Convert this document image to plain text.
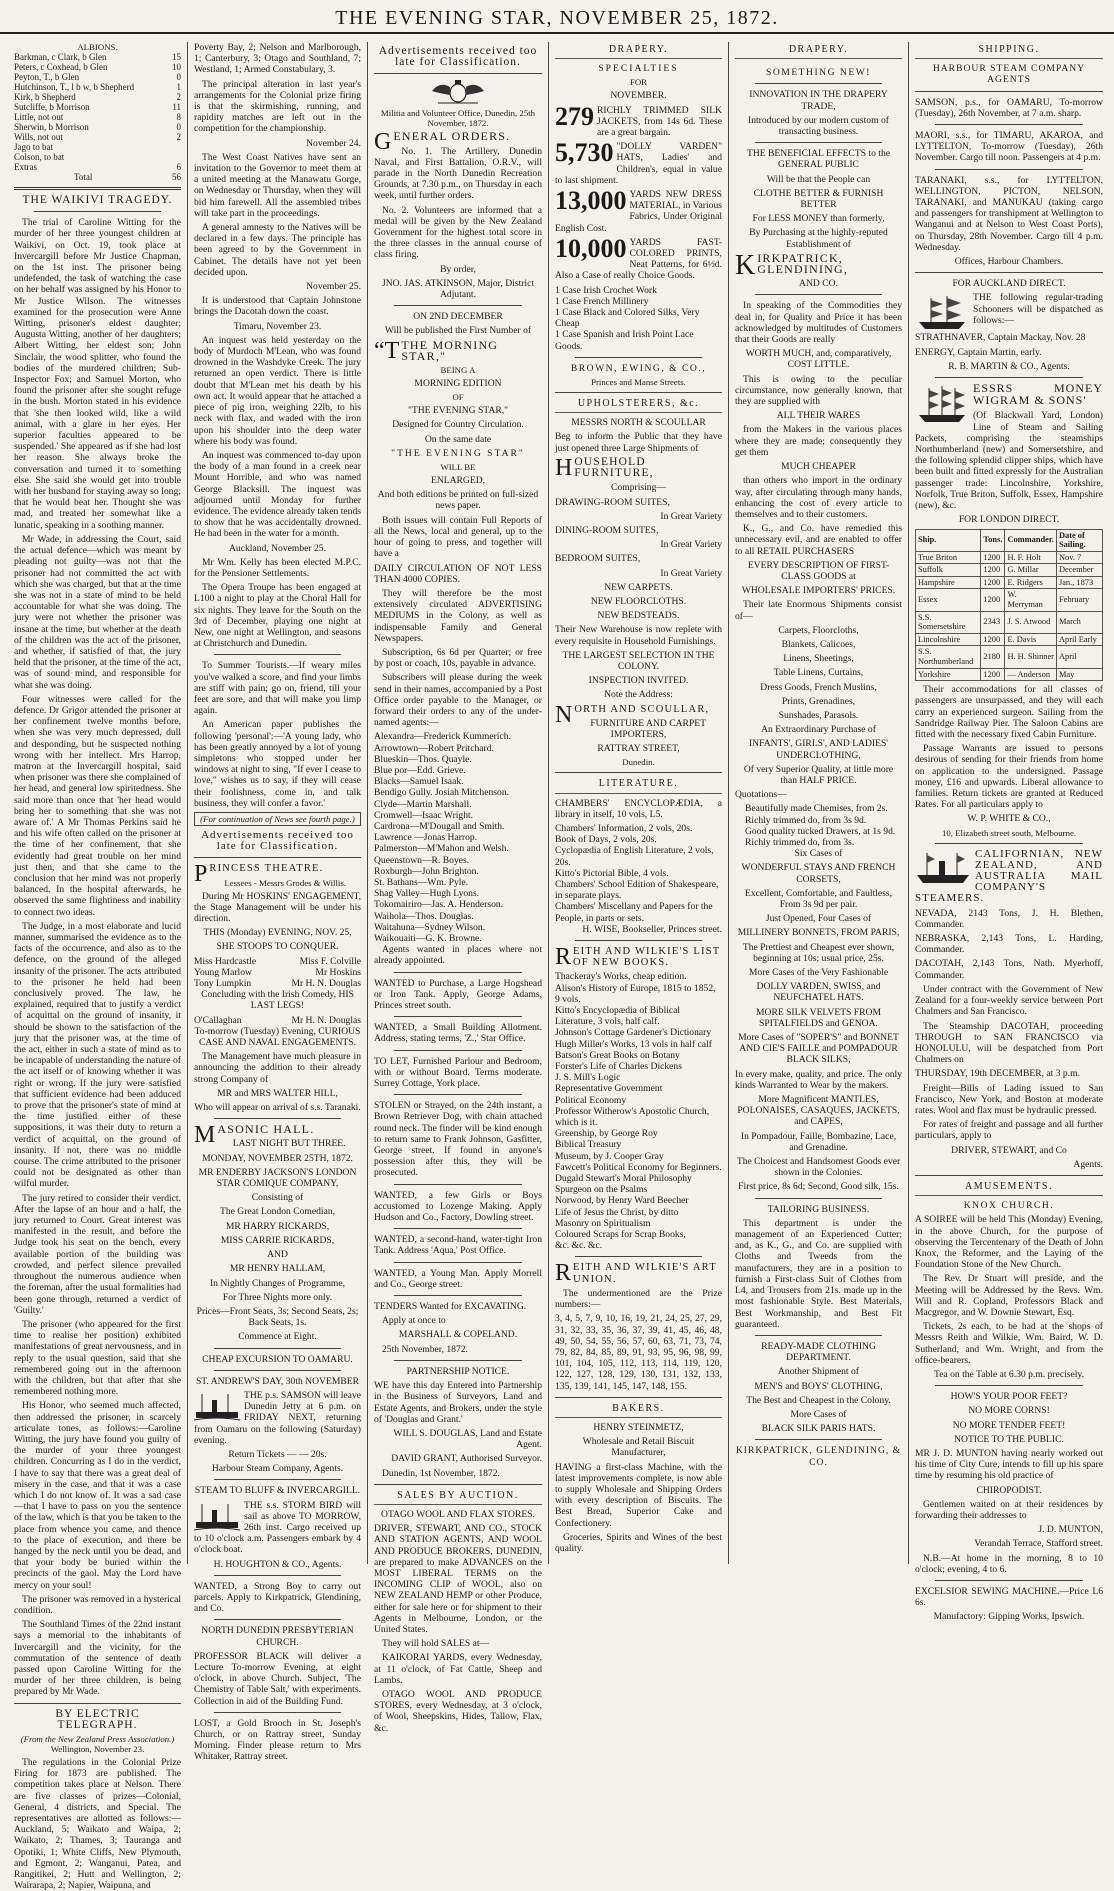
THE EVENING STAR, NOVEMBER 25, 1872.
ALBIONS.
Barkman, c Clark, b Glen	15
Peters, c Coxhead, b Glen	10
Peyton, T., b Glen	0
Hutchinson, T., l b w, b Shepherd	1
Kirk, b Shepherd	2
Sutcliffe, b Morrison	11
Little, not out	8
Sherwin, b Morrison	0
Wills, not out	2
Jago to bat	
Colson, to bat	
Extras	6
Total	56
THE WAIKIVI TRAGEDY.

The trial of Caroline Witting for the murder of her three youngest children at Waikivi, on Oct. 19, took place at Invercargill before Mr Justice Chapman, on the 1st inst. The prisoner being undefended, the task of watching the case on her behalf was assigned by his Honor to Mr Justice Wilson. The witnesses examined for the prosecution were Anne Witting, prisoner's eldest daughter; Augusta Witting, another of her daughters; Albert Witting, her eldest son; John Sinclair, the wood splitter, who found the bodies of the murdered children; Sub-Inspector Fox; and Samuel Morton, who found the prisoner after she sought refuge in the bush. Morton stated in his evidence that 'she then looked wild, like a wild animal, with a glare in her eyes. Her superior faculties appeared to be suspended.' She appeared as if she had lost her reason. She always broke the conversation and turned it to something else. She said she would get into trouble with her husband for staying away so long; that he would beat her. Thought she was mad, and treated her somewhat like a lunatic, speaking in a soothing manner.

Mr Wade, in addressing the Court, said the actual defence—which was meant by pleading not guilty—was not that the prisoner had not committed the act with which she was charged, but that at the time she was not in a state of mind to be held accountable for what she was doing. The jury were not whether the prisoner was insane at the time, but whether at the death of the children was the act of the prisoner, and whether, if satisfied of that, the jury held that the prisoner, at the time of the act, was of sound mind, and responsible for what she was doing.

Four witnesses were called for the defence. Dr Grigor attended the prisoner at her confinement twelve months before, when she was very much depressed, dull and desponding, but he suspected nothing wrong with her intellect. Mrs Harrop, matron at the Invercargill hospital, said when prisoner was there she complained of her head, and general low spiritedness. She said more than once that 'her head would bring her to something that she was not aware of.' A Mr Thomas Perkins said he and his wife often called on the prisoner at the time of her confinement, that she evidently had great trouble on her mind just then, and that she came to the conclusion that her mind was not properly balanced. In the hospital afterwards, he observed the same flightiness and inability to connect two ideas.

The Judge, in a most elaborate and lucid manner, summarised the evidence as to the facts of the occurrence, and also as to the defence, on the ground of the alleged insanity of the prisoner. The acts attributed to the prisoner he held had been conclusively proved. The law, he explained, required that to justify a verdict of acquittal on the ground of insanity, it should be shown to the satisfaction of the jury that the prisoner was, at the time of the act, either in such a state of mind as to be incapable of understanding the nature of the act itself or of knowing whether it was right or wrong. If the jury were satisfied that sufficient evidence had been adduced to prove that the prisoner's state of mind at the time justified either of these suppositions, it was their duty to return a verdict of acquittal, on the ground of insanity. If not, there was no middle course. The crime attributed to the prisoner could not be designated as other than wilful murder.

The jury retired to consider their verdict. After the lapse of an hour and a half, the jury returned to Court. Great interest was manifested in the result, and before the Judge took his seat on the bench, every available portion of the building was crowded, and perfect silence prevailed throughout the numerous audience when the foreman, after the usual formalities had been gone through, returned a verdict of 'Guilty.'

The prisoner (who appeared for the first time to realise her position) exhibited manifestations of great nervousness, and in reply to the usual question, said that she remembered going out in the afternoon with the children, but that after that she remembered nothing more.

His Honor, who seemed much affected, then addressed the prisoner, in scarcely articulate tones, as follows:—Caroline Witting, the jury have found you guilty of the murder of your three youngest children. Concurring as I do in the verdict, I have to say that there was a great deal of misery in the case, and that it was a case which I do not know of. It was a sad case—that I have to pass on you the sentence of the law, which is that you be taken to the place from whence you came, and thence to the place of execution, and there be hanged by the neck until you be dead, and that your body be buried within the precincts of the gaol. May the Lord have mercy on your soul!

The prisoner was removed in a hysterical condition.

The Southland Times of the 22nd instant says a memorial to the inhabitants of Invercargill and the vicinity, for the commutation of the sentence of death passed upon Caroline Witting for the murder of her three children, is being prepared by Mr Wade.

BY ELECTRIC TELEGRAPH.
(From the New Zealand Press Association.)

Wellington, November 23.

The regulations in the Colonial Prize Firing for 1873 are published. The competition takes place at Nelson. There are five classes of prizes—Colonial, General, 4 districts, and Special. The representatives are allotted as follows:—Auckland, 5; Waikato and Waipa, 2; Waikato, 2; Thames, 3; Tauranga and Opotiki, 1; White Cliffs, New Plymouth, and Egmont, 2; Wanganui, Patea, and Rangitikei, 2; Hutt and Wellington, 2; Wairarapa, 2; Napier, Waipuna, and

Poverty Bay, 2; Nelson and Marlborough, 1; Canterbury, 3; Otago and Southland, 7; Westland, 1; Armed Constabulary, 3.

The principal alteration in last year's arrangements for the Colonial prize firing is that the skirmishing, running, and rapidity matches are left out in the competition for the championship.

November 24.

The West Coast Natives have sent an invitation to the Governor to meet them at a united meeting at the Manawatu Gorge, on Wednesday or Thursday, when they will bid him farewell. All the assembled tribes will take part in the proceedings.

A general amnesty to the Natives will be declared in a few days. The principle has been agreed to by the Government in Cabinet. The details have not yet been decided upon.

November 25.

It is understood that Captain Johnstone brings the Dacotah down the coast.

Timaru, November 23.

An inquest was held yesterday on the body of Murdoch M'Lean, who was found drowned in the Washdyke Creek. The jury returned an open verdict. There is little doubt that M'Lean met his death by his own act. It would appear that he attached a piece of pig iron, weighing 22lb, to his neck with flax, and waded with the iron upon his shoulder into the deep water where his body was found.

An inquest was commenced to-day upon the body of a man found in a creek near Mount Horrible, and who was named George Blacksill. The inquest was adjourned until Monday for further evidence. The evidence already taken tends to show that he was accidentally drowned. He had been in the water for a month.

Auckland, November 25.

Mr Wm. Kelly has been elected M.P.C. for the Pensioner Settlements.

The Opera Troupe has been engaged at L100 a night to play at the Choral Hall for six nights. They leave for the South on the 3rd of December, playing one night at New, one night at Wellington, and seasons at Christchurch and Dunedin.

To Summer Tourists.—If weary miles you've walked a score, and find your limbs are stiff with pain; go on, friend, till your feet are sore, and that will make you limp again.

An American paper publishes the following 'personal':—'A young lady, who has been greatly annoyed by a lot of young simpletons who stopped under her windows at night to sing, "If ever I cease to love," wishes us to say, if they will cease their foolishness, come in, and talk business, they will confer a favor.'

(For continuation of News see fourth page.)

Advertisements received too late for Classification.

P RINCESS THEATRE.

Lessees - Messrs Grodes & Willis.

During Mr HOSKINS' ENGAGEMENT, the Stage Management will be under his direction.

THIS (Monday) EVENING, NOV. 25,

SHE STOOPS TO CONQUER.

Miss Hardcastle	Miss F. Colville

Young Marlow	Mr Hoskins

Tony Lumpkin	Mr H. N. Douglas

Concluding with the Irish Comedy, HIS LAST LEGS!

O'Callaghan	Mr H. N. Douglas

To-morrow (Tuesday) Evening, CURIOUS CASE AND NAVAL ENGAGEMENTS.

The Management have much pleasure in announcing the addition to their already strong Company of

MR and MRS WALTER HILL,

Who will appear on arrival of s.s. Taranaki.

M ASONIC HALL.

LAST NIGHT BUT THREE.

MONDAY, NOVEMBER 25TH, 1872.

MR ENDERBY JACKSON'S LONDON STAR COMIQUE COMPANY,

Consisting of

The Great London Comedian,

MR HARRY RICKARDS,

MISS CARRIE RICKARDS,

AND

MR HENRY HALLAM,

In Nightly Changes of Programme,

For Three Nights more only.

Prices—Front Seats, 3s; Second Seats, 2s; Back Seats, 1s.

Commence at Eight.

CHEAP EXCURSION TO OAMARU.

ST. ANDREW'S DAY, 30th NOVEMBER

THE p.s. SAMSON will leave Dunedin Jetty at 6 p.m. on FRIDAY NEXT, returning from Oamaru on the following (Saturday) evening.

Return Tickets — — 20s.

Harbour Steam Company, Agents.

STEAM TO BLUFF & INVERCARGILL.

THE s.s. STORM BIRD will sail as above TO MORROW, 26th inst. Cargo received up to 10 o'clock a.m. Passengers embark by 4 o'clock boat.

H. HOUGHTON & CO., Agents.

WANTED, a Strong Boy to carry out parcels. Apply to Kirkpatrick, Glendining, and Co.

NORTH DUNEDIN PRESBYTERIAN CHURCH.

PROFESSOR BLACK will deliver a Lecture To-morrow Evening, at eight o'clock, in above Church. Subject, 'The Chemistry of Table Salt,' with experiments. Collection in aid of the Building Fund.

LOST, a Gold Brooch in St. Joseph's Church, or on Rattray street, Sunday Morning. Finder please return to Mrs Whitaker, Rattray street.

Advertisements received too late for Classification.

Militia and Volunteer Office, Dunedin, 25th November, 1872.

G ENERAL ORDERS.

No. 1. The Artillery, Dunedin Naval, and First Battalion, O.R.V., will parade in the North Dunedin Recreation Grounds, at 7.30 p.m., on Thursday in each week, until further orders.

No. 2. Volunteers are informed that a medal will be given by the New Zealand Government for the highest total score in the three classes in the annual course of class firing.

By order,

JNO. JAS. ATKINSON, Major, District Adjutant.

ON 2ND DECEMBER

Will be published the First Number of

“T THE MORNING STAR,"

BEING A

MORNING EDITION

OF

"THE EVENING STAR,"

Designed for Country Circulation.

On the same date

"THE EVENING STAR"

WILL BE

ENLARGED,

And both editions be printed on full-sized news paper.

Both issues will contain Full Reports of all the News, local and general, up to the hour of going to press, and together will have a

DAILY CIRCULATION OF NOT LESS THAN 4000 COPIES.

They will therefore be the most extensively circulated ADVERTISING MEDIUMS in the Colony, as well as indispensable Family and General Newspapers.

Subscription, 6s 6d per Quarter; or free by post or coach, 10s, payable in advance.

Subscribers will please during the week send in their names, accompanied by a Post Office order payable to the Manager, or forward their orders to any of the under-named agents:—

Alexandra—Frederick Kummerich.

Arrowtown—Robert Pritchard.

Blueskin—Thos. Quayle.

Blue por—Edd. Grieve.

Blacks—Samuel Isaak.

Bendigo Gully. Josiah Mitchenson.

Clyde—Martin Marshall.

Cromwell—Isaac Wright.

Cardrona—M'Dougall and Smith.

Lawrence —Jonas Harrop.

Palmerston—M'Mahon and Welsh.

Queenstown—R. Boyes.

Roxburgh—John Brighton.

St. Bathans—Wm. Pyle.

Shag Valley—Hugh Lyons.

Tokomairiro—Jas. A. Henderson.

Waihola—Thos. Douglas.

Waitahuna—Sydney Wilson.

Waikouaiti—G. K. Browne.

Agents wanted in places where not already appointed.

WANTED to Purchase, a Large Hogshead or Iron Tank. Apply, George Adams, Princes street south.

WANTED, a Small Building Allotment. Address, stating terms, 'Z.,' Star Office.

TO LET, Furnished Parlour and Bedroom, with or without Board. Terms moderate. Surrey Cottage, York place.

STOLEN or Strayed, on the 24th instant, a Brown Retriever Dog, with chain attached round neck. The finder will be kind enough to return same to Frank Johnson, Gasfitter, George street. If found in anyone's possession after this, they will be prosecuted.

WANTED, a few Girls or Boys accustomed to Lozenge Making. Apply Hudson and Co., Factory, Dowling street.

WANTED, a second-hand, water-tight Iron Tank. Address 'Aqua,' Post Office.

WANTED, a Young Man. Apply Morrell and Co., George street.

TENDERS Wanted for EXCAVATING.

Apply at once to

MARSHALL & COPELAND.

25th November, 1872.

PARTNERSHIP NOTICE.

WE have this day Entered into Partnership in the Business of Surveyors, Land and Estate Agents, and Brokers, under the style of 'Douglas and Grant.'

WILL S. DOUGLAS, Land and Estate Agent.

DAVID GRANT, Authorised Surveyor.

Dunedin, 1st November, 1872.

SALES BY AUCTION.

OTAGO WOOL AND FLAX STORES.

DRIVER, STEWART, AND CO., STOCK AND STATION AGENTS, AND WOOL AND PRODUCE BROKERS, DUNEDIN, are prepared to make ADVANCES on the MOST LIBERAL TERMS on the INCOMING CLIP of WOOL, also on NEW ZEALAND HEMP or other Produce, either for sale here or for shipment to their Agents in Melbourne, London, or the United States.

They will hold SALES at—

KAIKORAI YARDS, every Wednesday, at 11 o'clock, of Fat Cattle, Sheep and Lambs.

OTAGO WOOL AND PRODUCE STORES, every Wednesday, at 3 o'clock, of Wool, Sheepskins, Hides, Tallow, Flax, &c.

DRAPERY.

SPECIALTIES

FOR

NOVEMBER.

279 RICHLY TRIMMED SILK JACKETS, from 14s 6d. These are a great bargain.

5,730 "DOLLY VARDEN" HATS, Ladies' and Children's, equal in value to last shipment.

13,000 YARDS NEW DRESS MATERIAL, in Various Fabrics, Under Original English Cost.

10,000 YARDS FAST-COLORED PRINTS, Neat Patterns, for 6½d. Also a Case of really Choice Goods.

1 Case Irish Crochet Work

1 Case French Millinery

1 Case Black and Colored Silks, Very Cheap

1 Case Spanish and Irish Point Lace Goods.

BROWN, EWING, & CO.,

Princes and Manse Streets.

UPHOLSTERERS, &c.

MESSRS NORTH & SCOULLAR

Beg to inform the Public that they have just opened three Large Shipments of

H OUSEHOLD FURNITURE,

Comprising—

DRAWING-ROOM SUITES,

In Great Variety

DINING-ROOM SUITES,

In Great Variety

BEDROOM SUITES,

In Great Variety

NEW CARPETS.

NEW FLOORCLOTHS.

NEW BEDSTEADS.

Their New Warehouse is now replete with every requisite in Household Furnishings.

THE LARGEST SELECTION IN THE COLONY.

INSPECTION INVITED.

Note the Address:

N ORTH AND SCOULLAR,

FURNITURE AND CARPET IMPORTERS,

RATTRAY STREET,

Dunedin.

LITERATURE.

CHAMBERS' ENCYCLOPÆDIA, a library in itself, 10 vols, L5.

Chambers' Information, 2 vols, 20s.

Book of Days, 2 vols, 20s.

Cyclopædia of English Literature, 2 vols, 20s.

Kitto's Pictorial Bible, 4 vols.

Chambers' School Edition of Shakespeare, in separate plays.

Chambers' Miscellany and Papers for the People, in parts or sets.

H. WISE, Bookseller, Princes street.

R EITH AND WILKIE'S LIST OF NEW BOOKS.

Thackeray's Works, cheap edition.

Alison's History of Europe, 1815 to 1852, 9 vols.

Kitto's Encyclopædia of Biblical Literature, 3 vols, half calf.

Johnson's Cottage Gardener's Dictionary

Hugh Miller's Works, 13 vols in half calf

Batson's Great Books on Botany

Forster's Life of Charles Dickens

J. S. Mill's Logic

Representative Government

Political Economy

Professor Witherow's Apostolic Church, which is it.

Greenship, by George Roy

Biblical Treasury

Museum, by J. Cooper Gray

Fawcett's Political Economy for Beginners.

Dugald Stewart's Moral Philosophy

Spurgeon on the Psalms

Norwood, by Henry Ward Beecher

Life of Jesus the Christ, by ditto

Masonry on Spiritualism

Coloured Scraps for Scrap Books,

&c. &c. &c.

R EITH AND WILKIE'S ART UNION.

The undermentioned are the Prize numbers:—

3, 4, 5, 7, 9, 10, 16, 19, 21, 24, 25, 27, 29, 31, 32, 33, 35, 36, 37, 39, 41, 45, 46, 48, 49, 50, 54, 55, 56, 57, 60, 63, 71, 73, 74, 79, 82, 84, 85, 89, 91, 93, 95, 96, 98, 99, 101, 104, 105, 112, 113, 114, 119, 120, 122, 127, 128, 129, 130, 131, 132, 133, 135, 139, 141, 145, 147, 148, 155.

BAKERS.

HENRY STEINMETZ,

Wholesale and Retail Biscuit Manufacturer,

HAVING a first-class Machine, with the latest improvements complete, is now able to supply Wholesale and Shipping Orders with every description of Biscuits. The Best Bread, Superior Cake and Confectionery.

Groceries, Spirits and Wines of the best quality.

DRAPERY.

SOMETHING NEW!

INNOVATION IN THE DRAPERY TRADE,

Introduced by our modern custom of transacting business.

THE BENEFICIAL EFFECTS to the GENERAL PUBLIC

Will be that the People can

CLOTHE BETTER & FURNISH BETTER

For LESS MONEY than formerly,

By Purchasing at the highly-reputed Establishment of

K IRKPATRICK, GLENDINING,

AND CO.

In speaking of the Commodities they deal in, for Quality and Price it has been acknowledged by multitudes of Customers that their Goods are really

WORTH MUCH, and, comparatively, COST LITTLE.

This is owing to the peculiar circumstance, now generally known, that they are supplied with

ALL THEIR WARES

from the Makers in the various places where they are made; consequently they get them

MUCH CHEAPER

than others who import in the ordinary way, after circulating through many hands, enhancing the cost of every article to themselves and to their customers.

K., G., and Co. have remedied this unnecessary evil, and are enabled to offer to all RETAIL PURCHASERS

EVERY DESCRIPTION OF FIRST-CLASS GOODS at

WHOLESALE IMPORTERS' PRICES.

Their late Enormous Shipments consist of—

Carpets, Floorcloths,

Blankets, Calicoes,

Linens, Sheetings,

Table Linens, Curtains,

Dress Goods, French Muslins,

Prints, Grenadines,

Sunshades, Parasols.

An Extraordinary Purchase of

INFANTS', GIRLS', AND LADIES' UNDERCLOTHING,

Of very Superior Quality, at little more than HALF PRICE.

Quotations—

Beautifully made Chemises, from 2s.

Richly trimmed do, from 3s 9d.

Good quality tucked Drawers, at 1s 9d.

Richly trimmed do, from 3s.

Six Cases of

WONDERFUL STAYS AND FRENCH CORSETS,

Excellent, Comfortable, and Faultless, From 3s 9d per pair.

Just Opened, Four Cases of

MILLINERY BONNETS, FROM PARIS,

The Prettiest and Cheapest ever shown, beginning at 10s; usual price, 25s.

More Cases of the Very Fashionable

DOLLY VARDEN, SWISS, and NEUFCHATEL HATS.

MORE SILK VELVETS FROM SPITALFIELDS and GENOA.

More Cases of "SOPER'S" and BONNET AND CIE'S FAILLE and POMPADOUR BLACK SILKS,

In every make, quality, and price. The only kinds Warranted to Wear by the makers.

More Magnificent MANTLES, POLONAISES, CASAQUES, JACKETS, and CAPES,

In Pompadour, Faille, Bombazine, Lace, and Grenadine.

The Choicest and Handsomest Goods ever shown in the Colonies.

First price, 8s 6d; Second, Good silk, 15s.

TAILORING BUSINESS.

This department is under the management of an Experienced Cutter; and, as K., G., and Co. are supplied with Cloths and Tweeds from the manufacturers, they are in a position to furnish a First-class Suit of Clothes from L4, and Trousers from 21s. made up in the most fashionable Style. Best Materials, Best Workmanship, and Best Fit guaranteed.

READY-MADE CLOTHING DEPARTMENT.

Another Shipment of

MEN'S and BOYS' CLOTHING,

The Best and Cheapest in the Colony.

More Cases of

BLACK SILK PARIS HATS.

KIRKPATRICK, GLENDINING, & CO.

SHIPPING.

HARBOUR STEAM COMPANY AGENTS

SAMSON, p.s., for OAMARU, To-morrow (Tuesday), 26th November, at 7 a.m. sharp.

MAORI, s.s., for TIMARU, AKAROA, and LYTTELTON, To-morrow (Tuesday), 26th November. Cargo till noon. Passengers at 4 p.m.

TARANAKI, s.s., for LYTTELTON, WELLINGTON, PICTON, NELSON, TARANAKI, and MANUKAU (taking cargo and passengers for transhipment at Wellington to Wanganui and at Nelson to West Coast Ports), on Thursday, 28th November. Cargo till 4 p.m. Wednesday.

Offices, Harbour Chambers.

FOR AUCKLAND DIRECT.

THE following regular-trading Schooners will be dispatched as follows:—

STRATHNAVER, Captain Mackay, Nov. 28

ENERGY, Captain Martin, early.

R. B. MARTIN & CO., Agents.

ESSRS MONEY WIGRAM & SONS'

(Of Blackwall Yard, London) Line of Steam and Sailing Packets, comprising the steamships Northumberland (new) and Somersetshire, and the following splendid clipper ships, which have been built and fitted expressly for the Australian passenger trade: Lincolnshire, Yorkshire, Norfolk, True Briton, Suffolk, Essex, Hampshire (new), &c.

FOR LONDON DIRECT.

Ship.	Tons.	Commander.	Date of Sailing.
True Briton	1200	H. F. Holt	Nov. 7
Suffolk	1200	G. Millar	December
Hampshire	1200	E. Ridgers	Jan., 1873
Essex	1200	W. Merryman	February
S.S. Somersetshire	2343	J. S. Atwood	March
Lincolnshire	1200	E. Davis	April Early
S.S. Northumberland	2180	H. H. Shinner	April
Yorkshire	1200	— Anderson	May

Their accommodations for all classes of passengers are unsurpassed, and they will each carry an experienced surgeon. Sailing from the Sandridge Railway Pier. The Saloon Cabins are fitted with the necessary fixed Cabin Furniture.

Passage Warrants are issued to persons desirous of sending for their friends from home on application to the undersigned. Passage money, £16 and upwards. Liberal allowance to families. Return tickets are granted at Reduced Rates. For all particulars apply to

W. P. WHITE & CO.,

10, Elizabeth street south, Melbourne.

CALIFORNIAN, NEW ZEALAND, AND AUSTRALIA MAIL COMPANY'S STEAMERS.

NEVADA, 2143 Tons, J. H. Blethen, Commander.

NEBRASKA, 2,143 Tons, L. Harding, Commander.

DACOTAH, 2,143 Tons, Nath. Myerhoff, Commander.

Under contract with the Government of New Zealand for a four-weekly service between Port Chalmers and San Francisco.

The Steamship DACOTAH, proceeding THROUGH to SAN FRANCISCO via HONOLULU, will be despatched from Port Chalmers on

THURSDAY, 19th DECEMBER, at 3 p.m.

Freight—Bills of Lading issued to San Francisco, New York, and Boston at moderate rates. Wool and flax must be hydraulic pressed.

For rates of freight and passage and all further particulars, apply to

DRIVER, STEWART, and Co

Agents.

AMUSEMENTS.

KNOX CHURCH.

A SOIREE will be held This (Monday) Evening, in the above Church, for the purpose of observing the Tercentenary of the Death of John Knox, the Reformer, and the Laying of the Foundation Stone of the New Church.

The Rev. Dr Stuart will preside, and the Meeting will be Addressed by the Revs. Wm. Will and R. Copland, Professors Black and Macgregor, and W. Downie Stewart, Esq.

Tickets, 2s each, to be had at the shops of Messrs Reith and Wilkie, Wm. Baird, W. D. Sutherland, and Wm. Wright, and from the office-bearers.

Tea on the Table at 6.30 p.m. precisely.

HOW'S YOUR POOR FEET?

NO MORE CORNS!

NO MORE TENDER FEET!

NOTICE TO THE PUBLIC.

MR J. D. MUNTON having nearly worked out his time of City Cure, intends to fill up his spare time by resuming his old practice of

CHIROPODIST.

Gentlemen waited on at their residences by forwarding their addresses to

J. D. MUNTON,

Verandah Terrace, Stafford street.

N.B.—At home in the morning, 8 to 10 o'clock; evening, 4 to 6.

EXCELSIOR SEWING MACHINE.—Price L6 6s.

Manufactory: Gipping Works, Ipswich.
